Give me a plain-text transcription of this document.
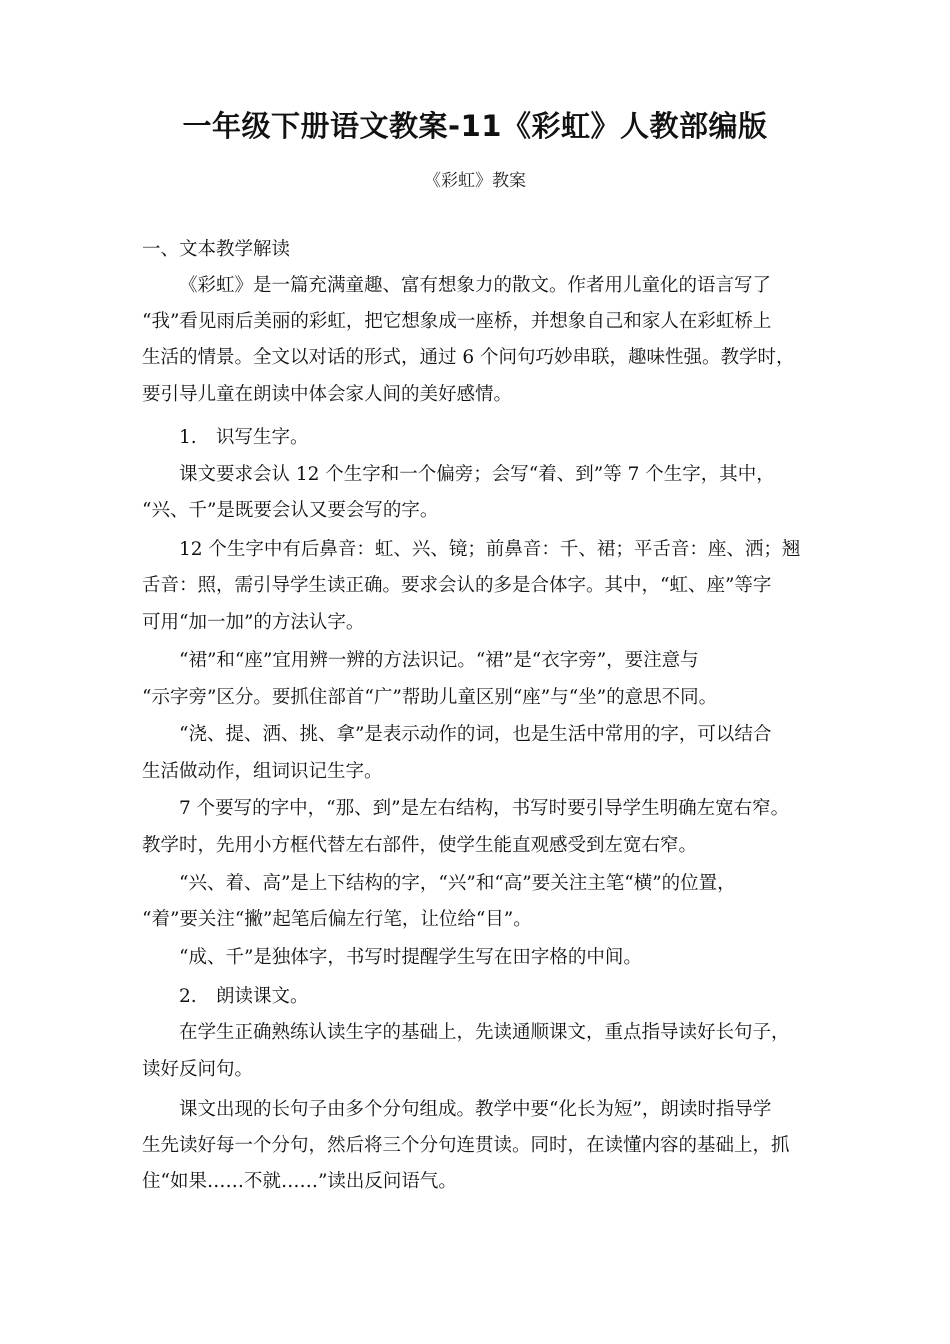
一年级下册语文教案-11《彩虹》人教部编版
《彩虹》教案
一、文本教学解读
《彩虹》是一篇充满童趣、富有想象力的散文。作者用儿童化的语言写了
“我”看见雨后美丽的彩虹，把它想象成一座桥，并想象自己和家人在彩虹桥上
生活的情景。全文以对话的形式，通过 6 个问句巧妙串联，趣味性强。教学时，
要引导儿童在朗读中体会家人间的美好感情。
1. 识写生字。
课文要求会认 12 个生字和一个偏旁；会写“着、到”等 7 个生字，其中，
“兴、千”是既要会认又要会写的字。
12 个生字中有后鼻音：虹、兴、镜；前鼻音：千、裙；平舌音：座、洒；翘
舌音：照，需引导学生读正确。要求会认的多是合体字。其中，“虹、座”等字
可用“加一加”的方法认字。
“裙”和“座”宜用辨一辨的方法识记。“裙”是“衣字旁”，要注意与
“示字旁”区分。要抓住部首“广”帮助儿童区别“座”与“坐”的意思不同。
“浇、提、洒、挑、拿”是表示动作的词，也是生活中常用的字，可以结合
生活做动作，组词识记生字。
7 个要写的字中，“那、到”是左右结构，书写时要引导学生明确左宽右窄。
教学时，先用小方框代替左右部件，使学生能直观感受到左宽右窄。
“兴、着、高”是上下结构的字，“兴”和“高”要关注主笔“横”的位置，
“着”要关注“撇”起笔后偏左行笔，让位给“目”。
“成、千”是独体字，书写时提醒学生写在田字格的中间。
2. 朗读课文。
在学生正确熟练认读生字的基础上，先读通顺课文，重点指导读好长句子，
读好反问句。
课文出现的长句子由多个分句组成。教学中要“化长为短”，朗读时指导学
生先读好每一个分句，然后将三个分句连贯读。同时，在读懂内容的基础上，抓
住“如果……不就……”读出反问语气。
